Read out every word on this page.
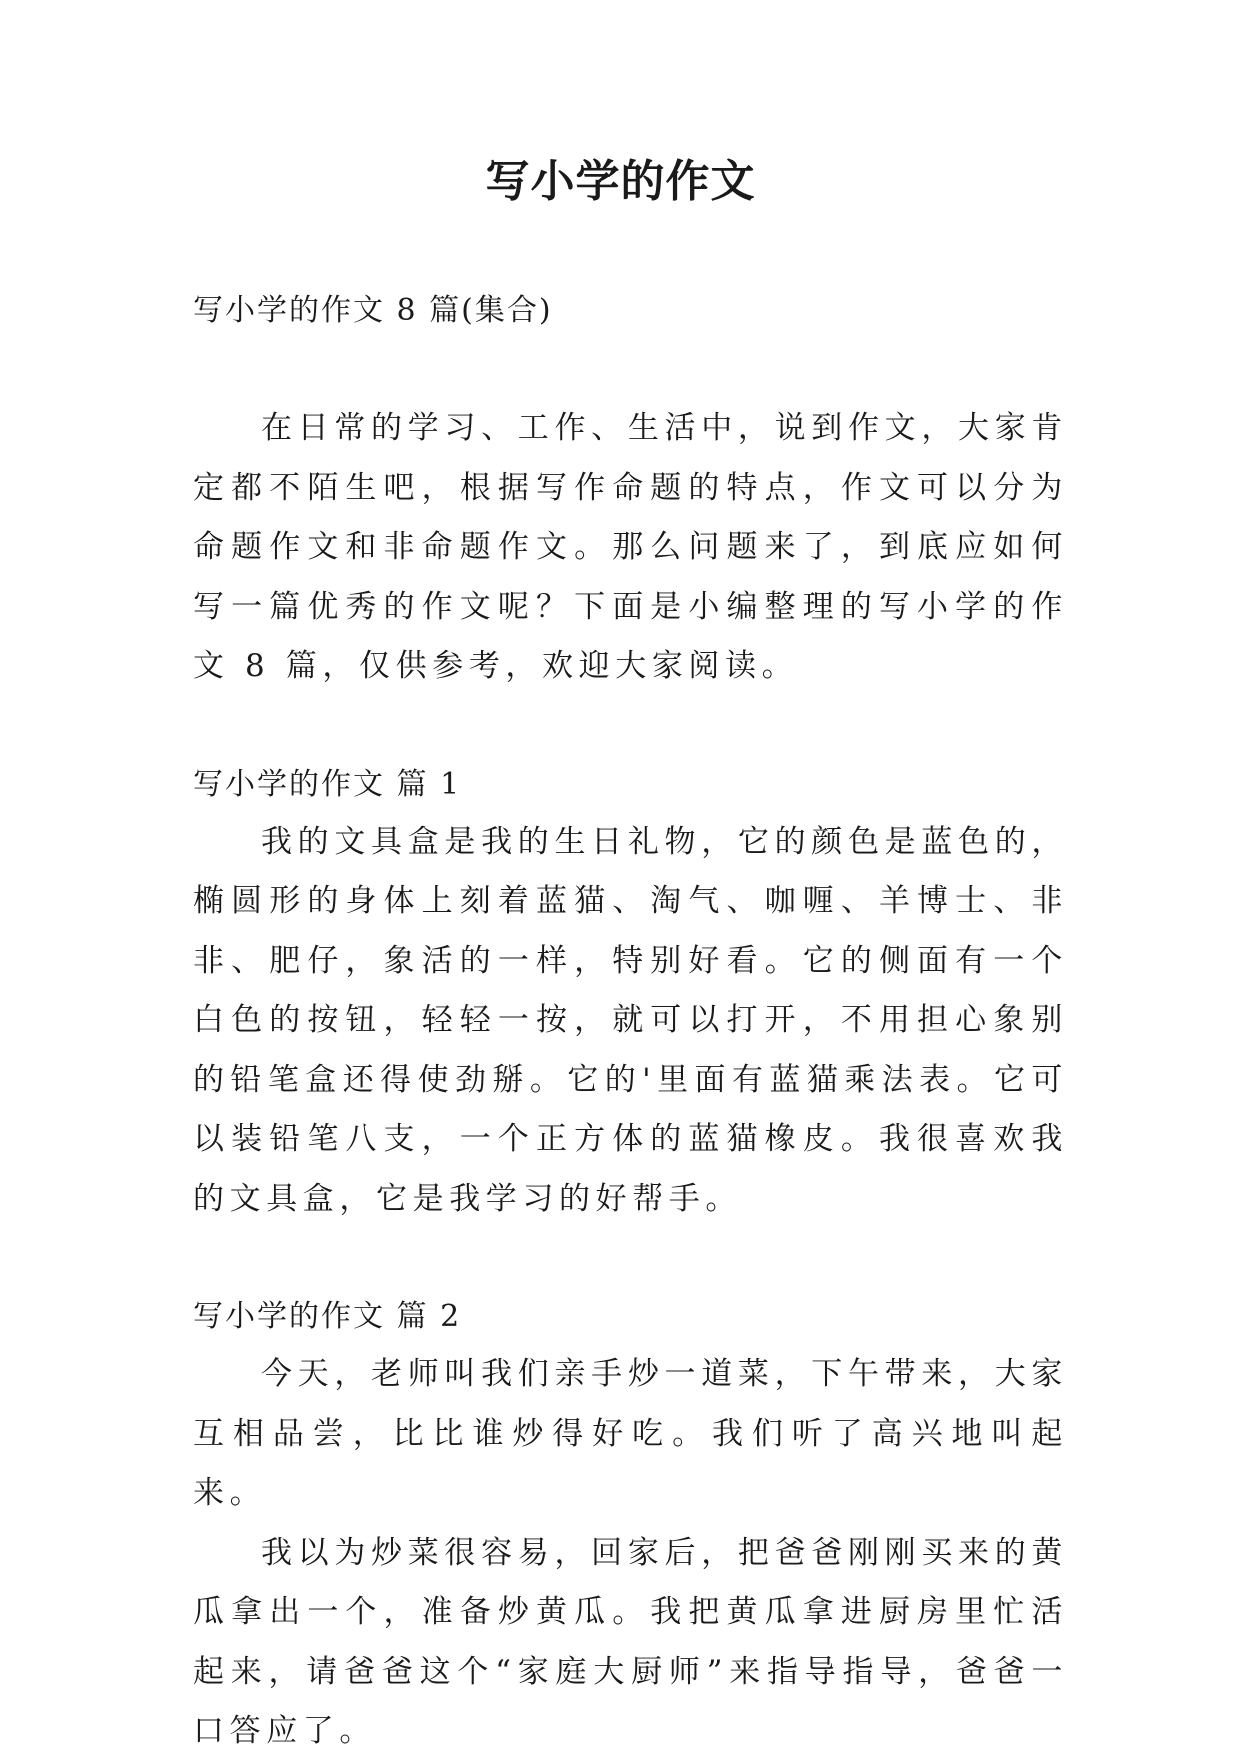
写小学的作文

写小学的作文 8 篇(集合)

在日常的学习、工作、生活中，说到作文，大家肯定都不陌生吧，根据写作命题的特点，作文可以分为命题作文和非命题作文。那么问题来了，到底应如何写一篇优秀的作文呢？下面是小编整理的写小学的作文 8 篇，仅供参考，欢迎大家阅读。

写小学的作文 篇 1

我的文具盒是我的生日礼物，它的颜色是蓝色的，椭圆形的身体上刻着蓝猫、淘气、咖喱、羊博士、非非、肥仔，象活的一样，特别好看。它的侧面有一个白色的按钮，轻轻一按，就可以打开，不用担心象别的铅笔盒还得使劲掰。它的'里面有蓝猫乘法表。它可以装铅笔八支，一个正方体的蓝猫橡皮。我很喜欢我的文具盒，它是我学习的好帮手。

写小学的作文 篇 2

今天，老师叫我们亲手炒一道菜，下午带来，大家互相品尝，比比谁炒得好吃。我们听了高兴地叫起来。

我以为炒菜很容易，回家后，把爸爸刚刚买来的黄瓜拿出一个，准备炒黄瓜。我把黄瓜拿进厨房里忙活起来，请爸爸这个“家庭大厨师”来指导指导，爸爸一口答应了。
